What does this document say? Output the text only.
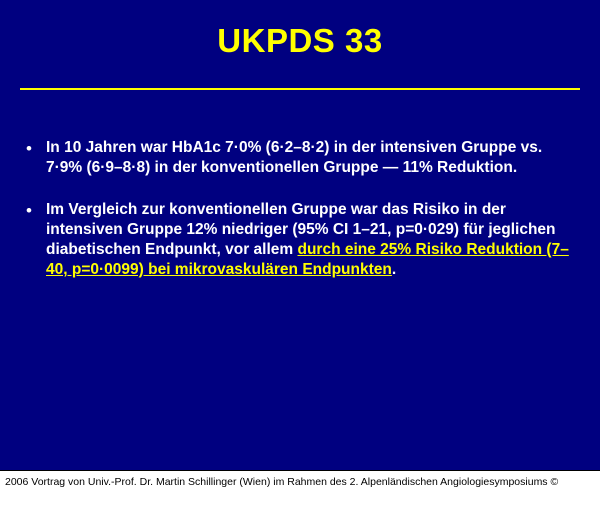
UKPDS 33
• In 10 Jahren war HbA1c 7·0% (6·2–8·2) in der intensiven Gruppe vs. 7·9% (6·9–8·8) in der konventionellen Gruppe — 11% Reduktion.
• Im Vergleich zur konventionellen Gruppe war das Risiko in der intensiven Gruppe 12% niedriger (95% CI 1–21, p=0·029) für jeglichen diabetischen Endpunkt, vor allem durch eine 25% Risiko Reduktion (7–40, p=0·0099) bei mikrovaskulären Endpunkten.
2006 Vortrag von Univ.-Prof. Dr. Martin Schillinger (Wien) im Rahmen des 2. Alpenländischen Angiologiesymposiums ©
